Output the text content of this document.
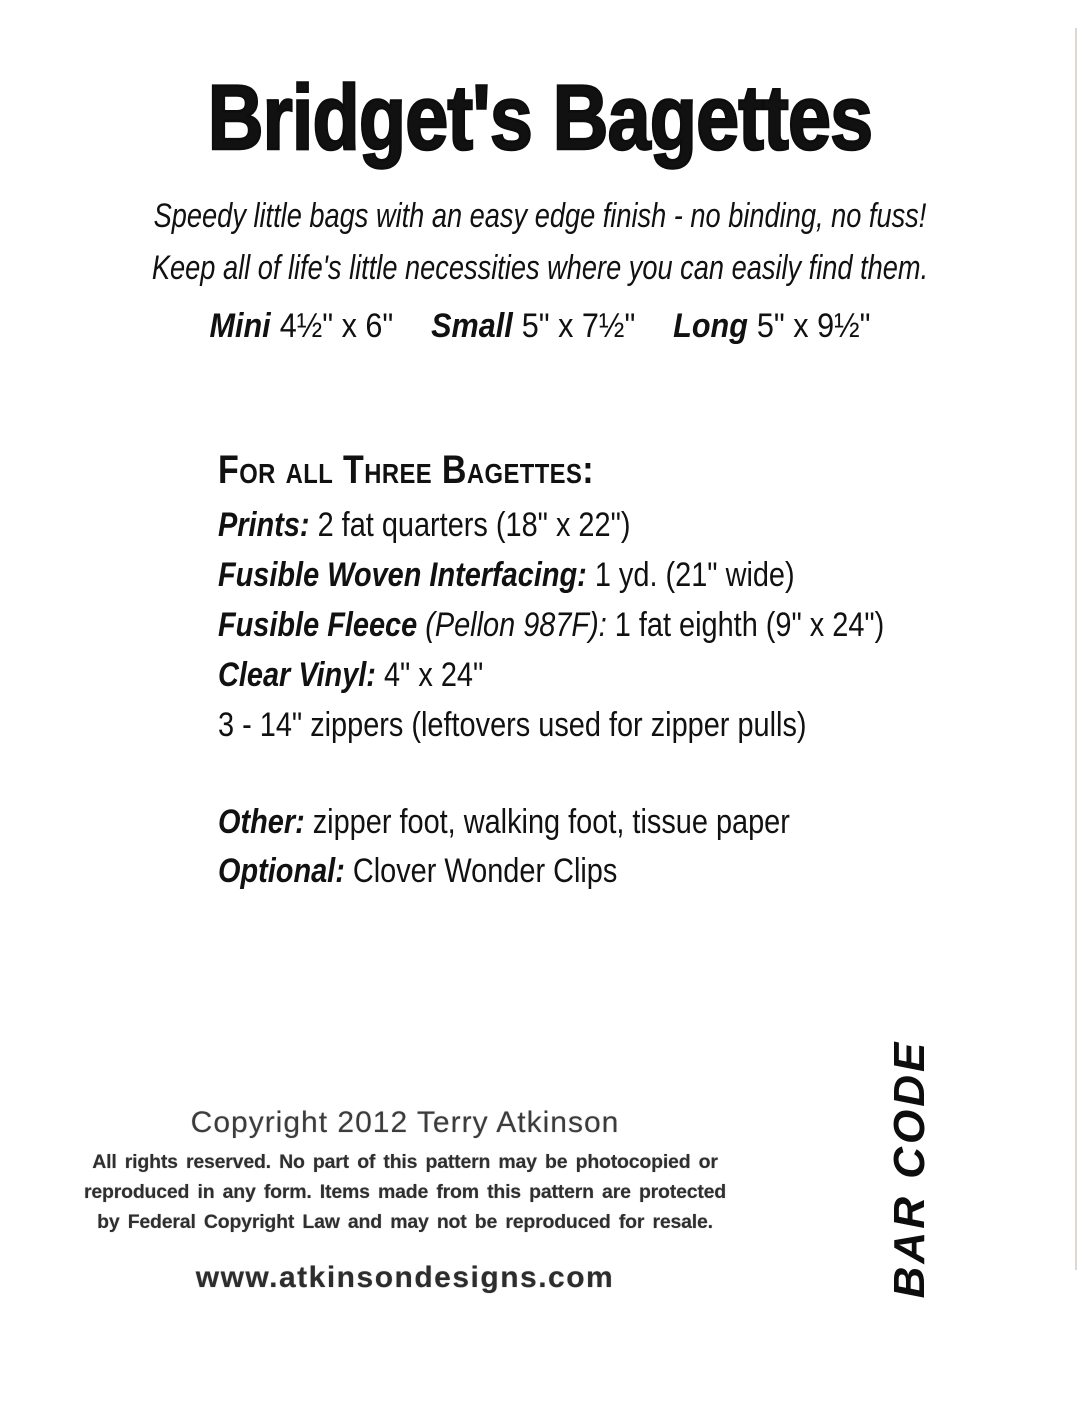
Bridget's Bagettes
Speedy little bags with an easy edge finish - no binding, no fuss!
Keep all of life's little necessities where you can easily find them.
Mini 4½" x 6" Small 5" x 7½" Long 5" x 9½"
For all Three Bagettes:
Prints: 2 fat quarters (18" x 22")
Fusible Woven Interfacing: 1 yd. (21" wide)
Fusible Fleece (Pellon 987F): 1 fat eighth (9" x 24")
Clear Vinyl: 4" x 24"
3 - 14" zippers (leftovers used for zipper pulls)
Other: zipper foot, walking foot, tissue paper
Optional: Clover Wonder Clips
Copyright 2012 Terry Atkinson
All rights reserved. No part of this pattern may be photocopied or
reproduced in any form. Items made from this pattern are protected
by Federal Copyright Law and may not be reproduced for resale.
www.atkinsondesigns.com	BAR CODE
